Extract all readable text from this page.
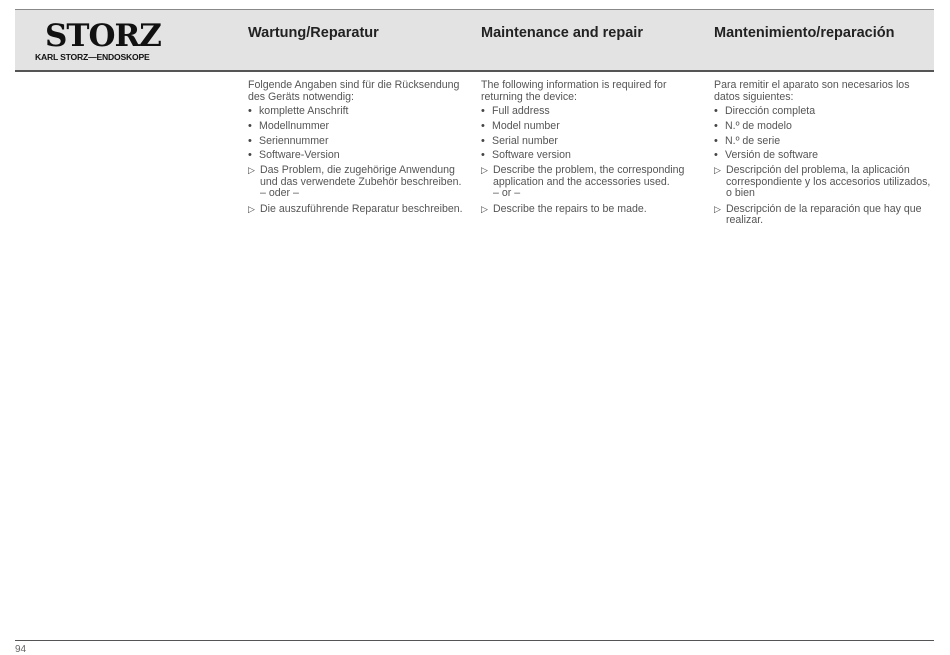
STORZ
KARL STORZ—ENDOSKOPE
Wartung/Reparatur	Maintenance and repair	Mantenimiento/reparación

Folgende Angaben sind für die Rücksendung des Geräts notwendig:

• komplette Anschrift
• Modellnummer
• Seriennummer
• Software-Version
▷ Das Problem, die zugehörige Anwendung und das verwendete Zubehör beschreiben.
– oder –
▷ Die auszuführende Reparatur beschreiben.

The following information is required for returning the device:

• Full address
• Model number
• Serial number
• Software version
▷ Describe the problem, the corresponding application and the accessories used.
– or –
▷ Describe the repairs to be made.

Para remitir el aparato son necesarios los datos siguientes:

• Dirección completa
• N.º de modelo
• N.º de serie
• Versión de software
▷ Descripción del problema, la aplicación correspondiente y los accesorios utilizados,
o bien
▷ Descripción de la reparación que hay que realizar.
94
